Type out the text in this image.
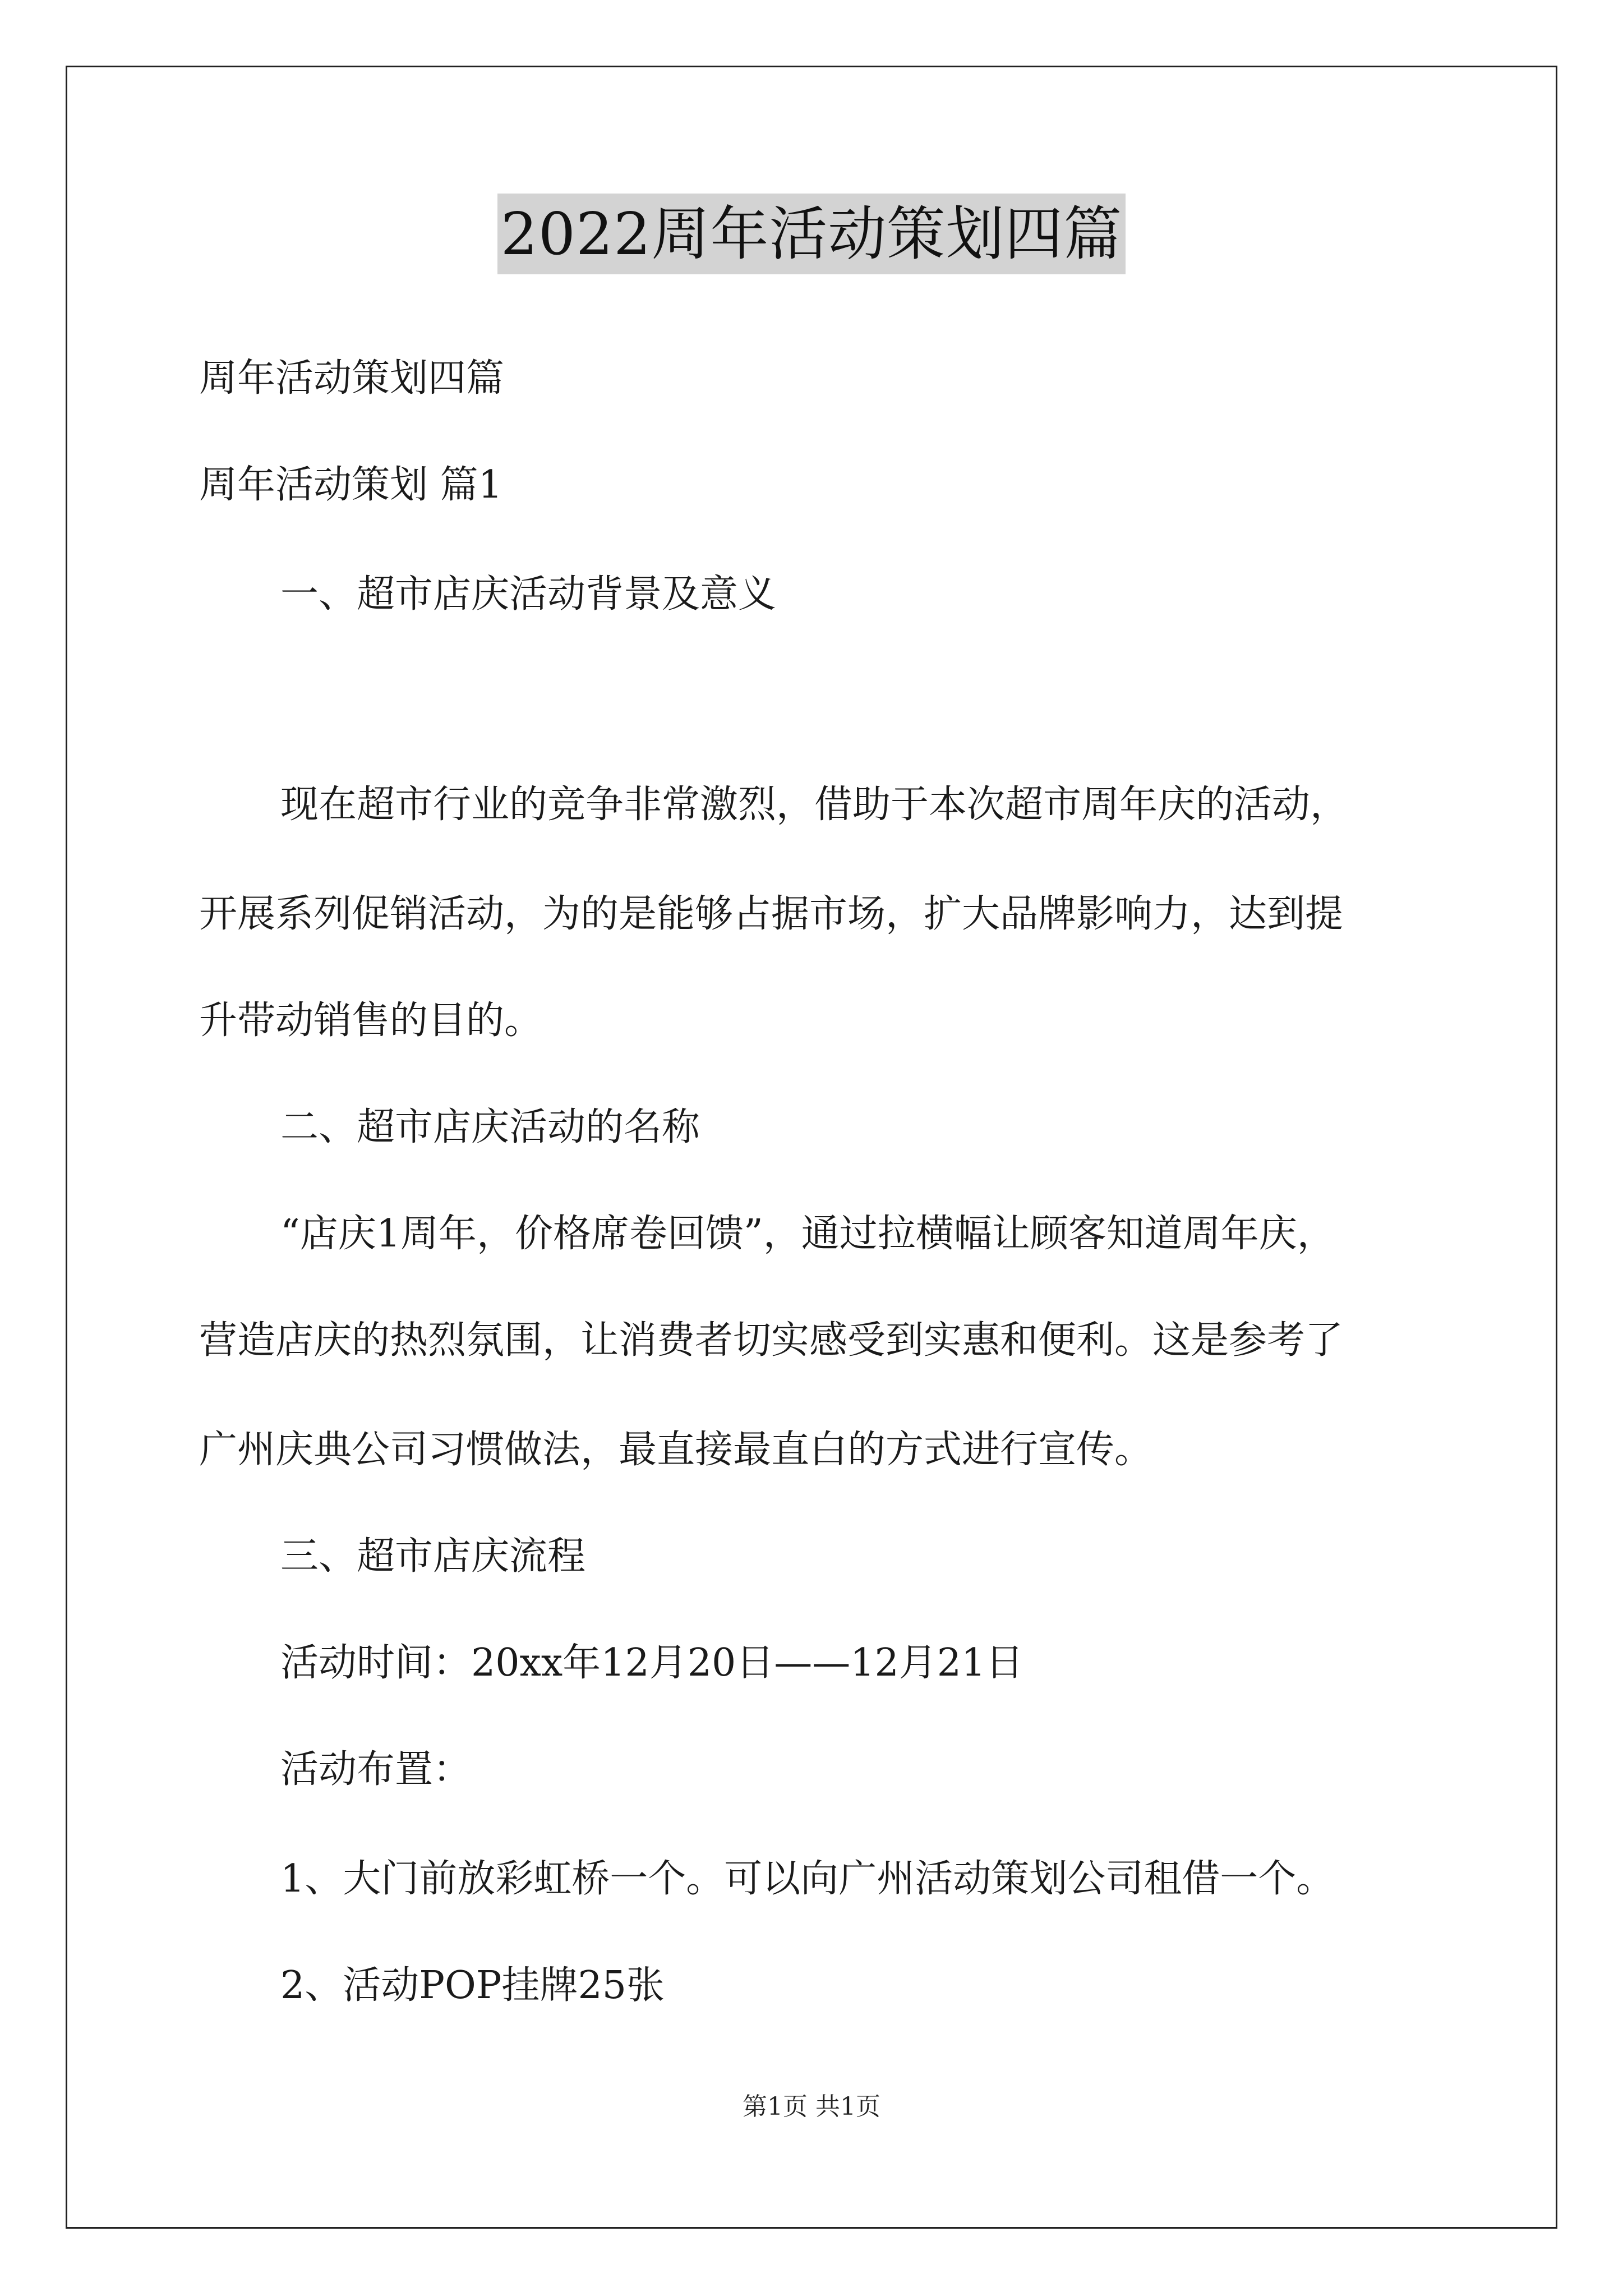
2022周年活动策划四篇
周年活动策划四篇
周年活动策划 篇1
一、超市店庆活动背景及意义
现在超市行业的竞争非常激烈，借助于本次超市周年庆的活动，
开展系列促销活动，为的是能够占据市场，扩大品牌影响力，达到提
升带动销售的目的。
二、超市店庆活动的名称
“店庆1周年，价格席卷回馈”，通过拉横幅让顾客知道周年庆，
营造店庆的热烈氛围，让消费者切实感受到实惠和便利。这是参考了
广州庆典公司习惯做法，最直接最直白的方式进行宣传。
三、超市店庆流程
活动时间：20xx年12月20日——12月21日
活动布置：
1、大门前放彩虹桥一个。可以向广州活动策划公司租借一个。
2、活动POP挂牌25张
第1页 共1页
